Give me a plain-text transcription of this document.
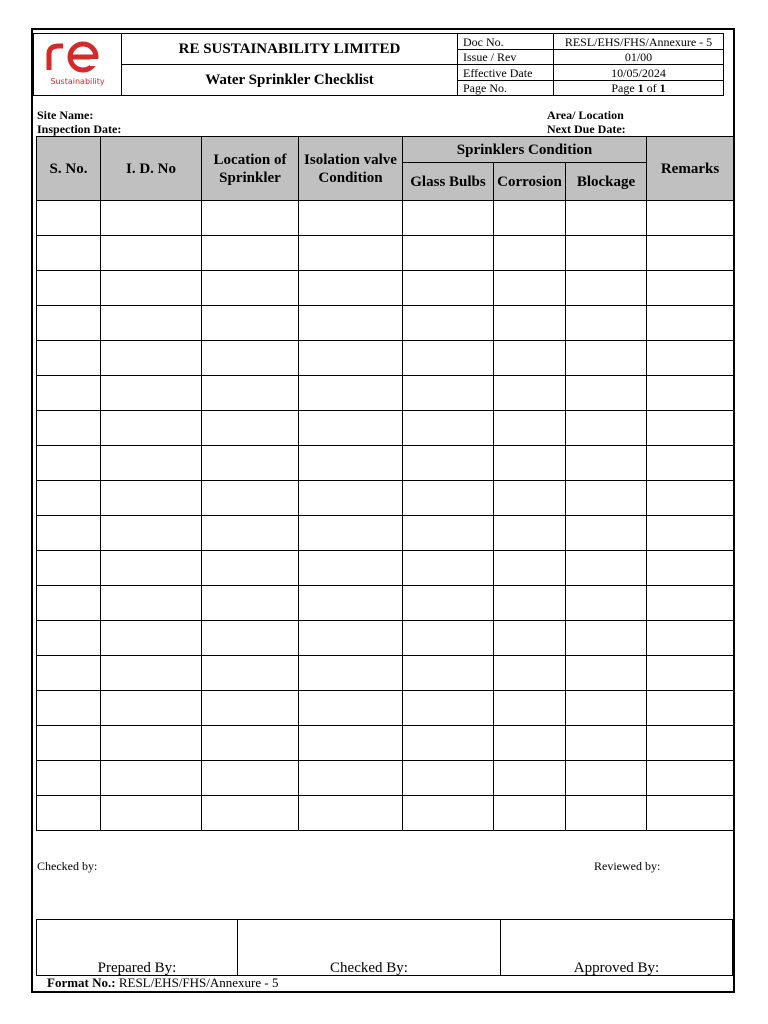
Sustainability	RE SUSTAINABILITY LIMITED	Doc No.	RESL/EHS/FHS/Annexure - 5
		Issue / Rev	01/00
	Water Sprinkler Checklist	Effective Date	10/05/2024
		Page No.	Page 1 of 1
Site Name:
Inspection Date:
Area/ Location
Next Due Date:
S. No.	I. D. No	Location of Sprinkler	Isolation valve Condition	Sprinklers Condition			Remarks
				Glass Bulbs	Corrosion	Blockage	

Checked by:	Reviewed by:
Prepared By:	Checked By:	Approved By:
Format No.: RESL/EHS/FHS/Annexure - 5
